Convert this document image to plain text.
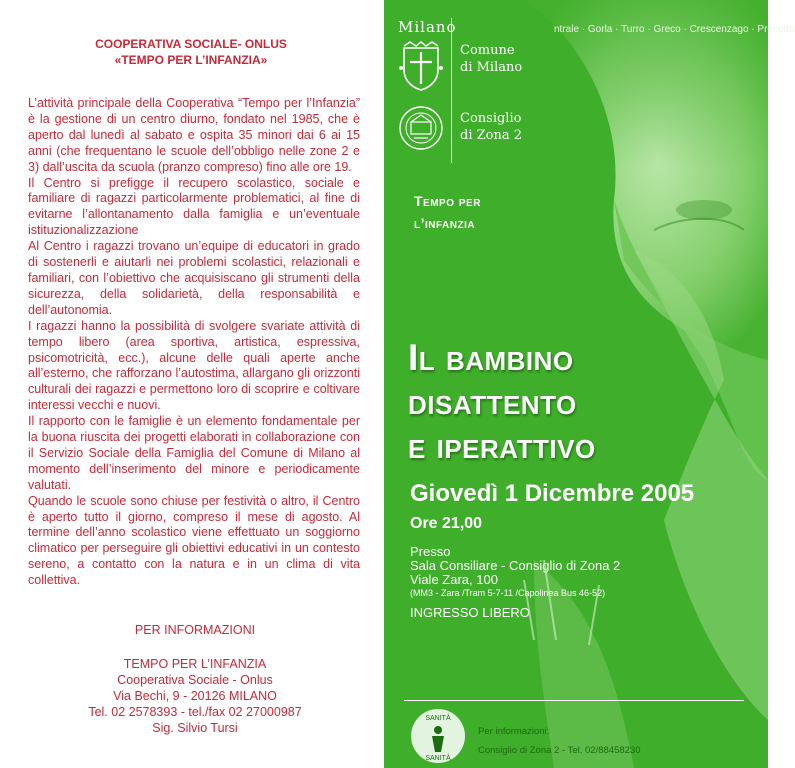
COOPERATIVA SOCIALE- ONLUS
«TEMPO PER L’INFANZIA»

L’attività principale della Cooperativa “Tempo per l’Infanzia” è la gestione di un centro diurno, fondato nel 1985, che è aperto dal lunedì al sabato e ospita 35 minori dai 6 ai 15 anni (che frequentano le scuole dell’obbligo nelle zone 2 e 3) dall’uscita da scuola (pranzo compreso) fino alle ore 19.

Il Centro si prefigge il recupero scolastico, sociale e familiare di ragazzi particolarmente problematici, al fine di evitarne l’allontanamento dalla famiglia e un’eventuale istituzionalizzazione

Al Centro i ragazzi trovano un’equipe di educatori in grado di sostenerli e aiutarli nei problemi scolastici, relazionali e familiari, con l’obiettivo che acquisiscano gli strumenti della sicurezza, della solidarietà, della responsabilità e dell’autonomia.

I ragazzi hanno la possibilità di svolgere svariate attività di tempo libero (area sportiva, artistica, espressiva, psicomotricità, ecc.), alcune delle quali aperte anche all’esterno, che rafforzano l’autostima, allargano gli orizzonti culturali dei ragazzi e permettono loro di scoprire e coltivare interessi vecchi e nuovi.

Il rapporto con le famiglie è un elemento fondamentale per la buona riuscita dei progetti elaborati in collaborazione con il Servizio Sociale della Famiglia del Comune di Milano al momento dell’inserimento del minore e periodicamente valutati.

Quando le scuole sono chiuse per festività o altro, il Centro è aperto tutto il giorno, compreso il mese di agosto. Al termine dell’anno scolastico viene effettuato un soggiorno climatico per perseguire gli obiettivi educativi in un contesto sereno, a contatto con la natura e in un clima di vita collettiva.

PER INFORMAZIONI
TEMPO PER L’INFANZIA
Cooperativa Sociale - Onlus
Via Bechi, 9 - 20126 MILANO
Tel. 02 2578393 - tel./fax 02 27000987
Sig. Silvio Tursi
Milano	ntrale · Gorla · Turro · Greco · Crescenzago · Precotto
Comune
di Milano
Consiglio
di Zona 2
Tempo per
l’infanzia
Il bambino
disattento
e iperattivo
Giovedì 1 Dicembre 2005
Ore 21,00
Presso
Sala Consiliare - Consiglio di Zona 2
Viale Zara, 100
(MM3 - Zara /Tram 5-7-11 /Capolinea Bus 46-52)
INGRESSO LIBERO
SANITÀ
SANITÀ
Per informazioni:
Consiglio di Zona 2 - Tel. 02/88458230
